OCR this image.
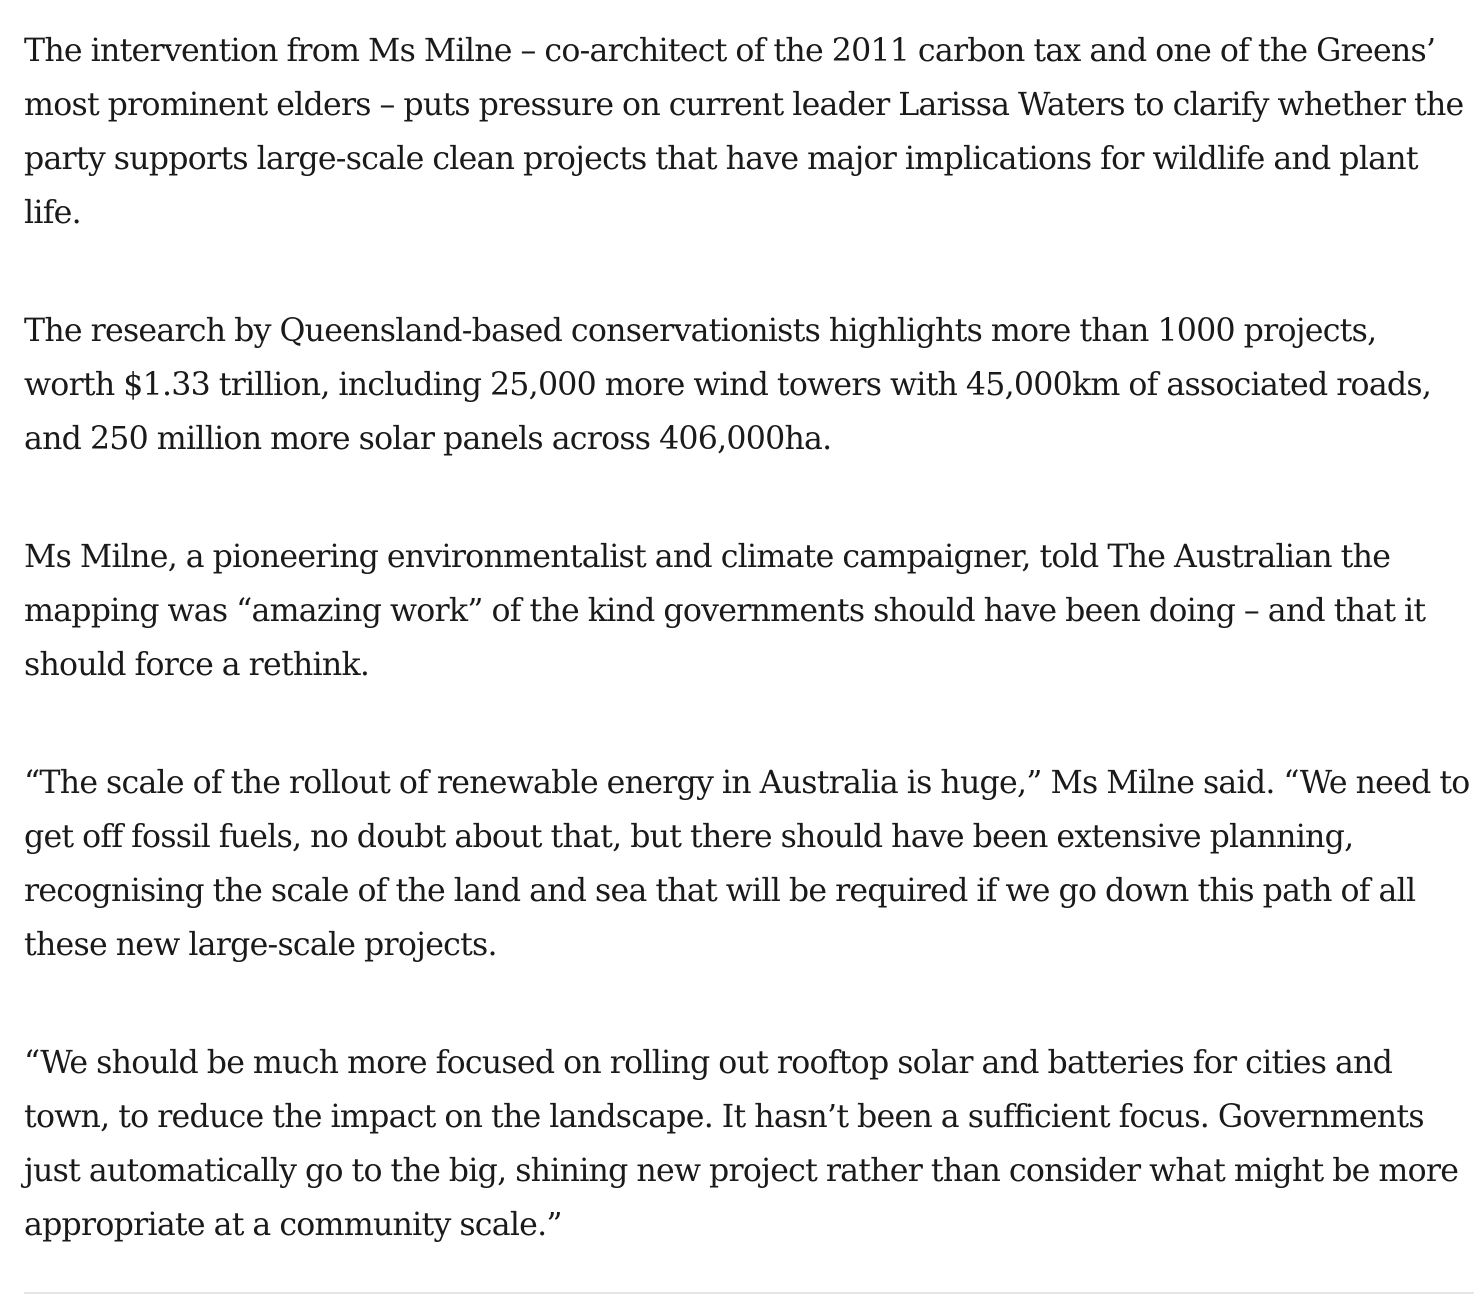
The intervention from Ms Milne – co-architect of the 2011 carbon tax and one of the Greens’ most prominent elders – puts pressure on current leader Larissa Waters to clarify whether the party supports large-scale clean projects that have major implications for wildlife and plant life.

The research by Queensland-based conservationists highlights more than 1000 projects, worth $1.33 trillion, including 25,000 more wind towers with 45,000km of associated roads, and 250 million more solar panels across 406,000ha.

Ms Milne, a pioneering environmentalist and climate campaigner, told The Australian the mapping was “amazing work” of the kind governments should have been doing – and that it should force a rethink.

“The scale of the rollout of renewable energy in Australia is huge,” Ms Milne said. “We need to get off fossil fuels, no doubt about that, but there should have been extensive planning, recognising the scale of the land and sea that will be required if we go down this path of all these new large-scale projects.

“We should be much more focused on rolling out rooftop solar and batteries for cities and town, to reduce the impact on the landscape. It hasn’t been a sufficient focus. Governments just automatically go to the big, shining new project rather than consider what might be more appropriate at a community scale.”
